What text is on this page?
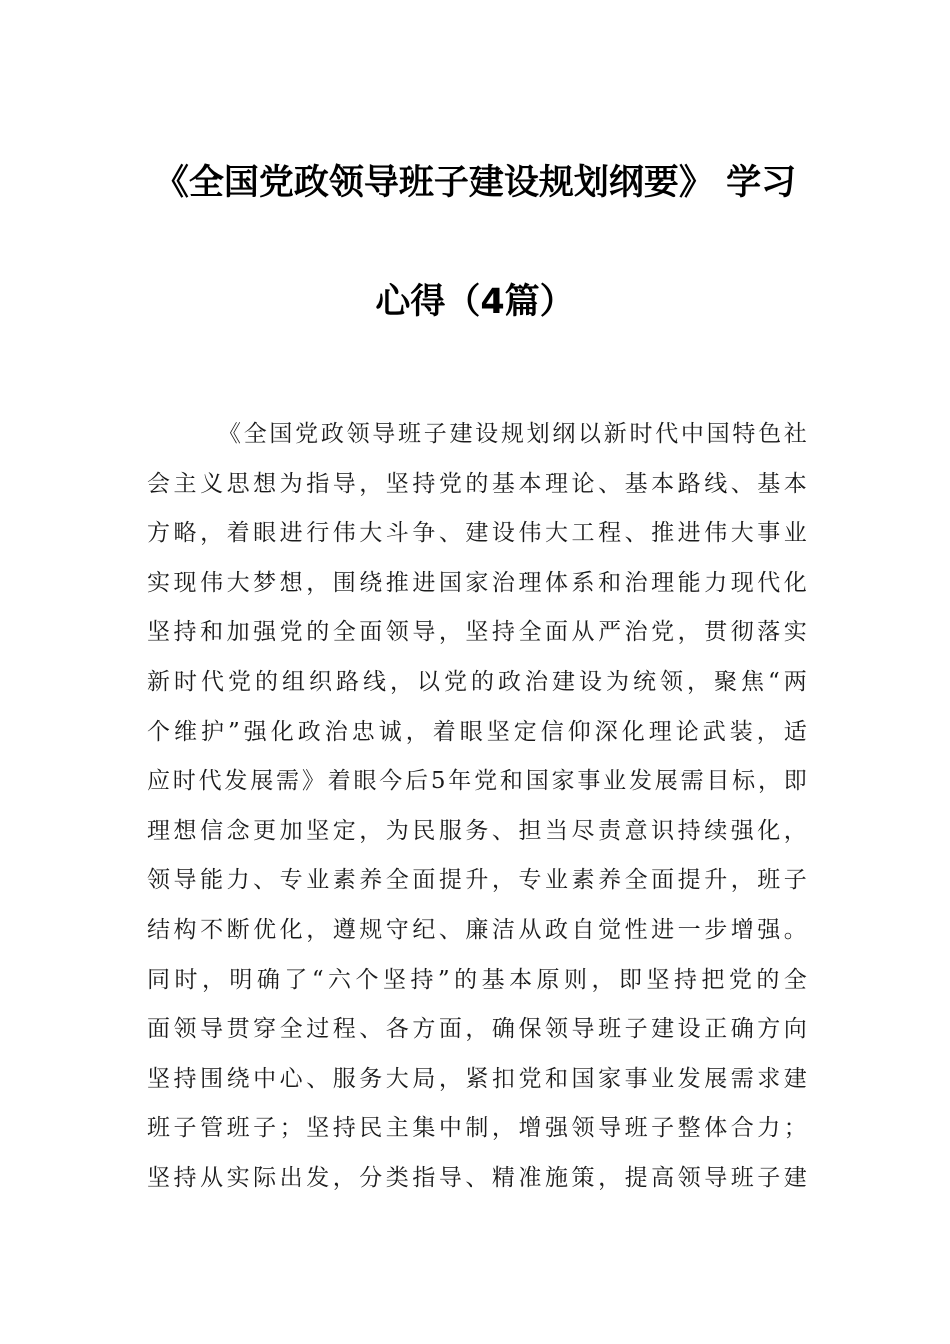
《全国党政领导班子建设规划纲要》 学习
心得（4篇）
《全国党政领导班子建设规划纲以新时代中国特色社
会主义思想为指导，坚持党的基本理论、基本路线、基本
方略，着眼进行伟大斗争、建设伟大工程、推进伟大事业
实现伟大梦想，围绕推进国家治理体系和治理能力现代化
坚持和加强党的全面领导，坚持全面从严治党，贯彻落实
新时代党的组织路线，以党的政治建设为统领，聚焦“两
个维护”强化政治忠诚，着眼坚定信仰深化理论武装，适
应时代发展需》着眼今后5年党和国家事业发展需目标，即
理想信念更加坚定，为民服务、担当尽责意识持续强化，
领导能力、专业素养全面提升，专业素养全面提升，班子
结构不断优化，遵规守纪、廉洁从政自觉性进一步增强。
同时，明确了“六个坚持”的基本原则，即坚持把党的全
面领导贯穿全过程、各方面，确保领导班子建设正确方向
坚持围绕中心、服务大局，紧扣党和国家事业发展需求建
班子管班子；坚持民主集中制，增强领导班子整体合力；
坚持从实际出发，分类指导、精准施策，提高领导班子建
